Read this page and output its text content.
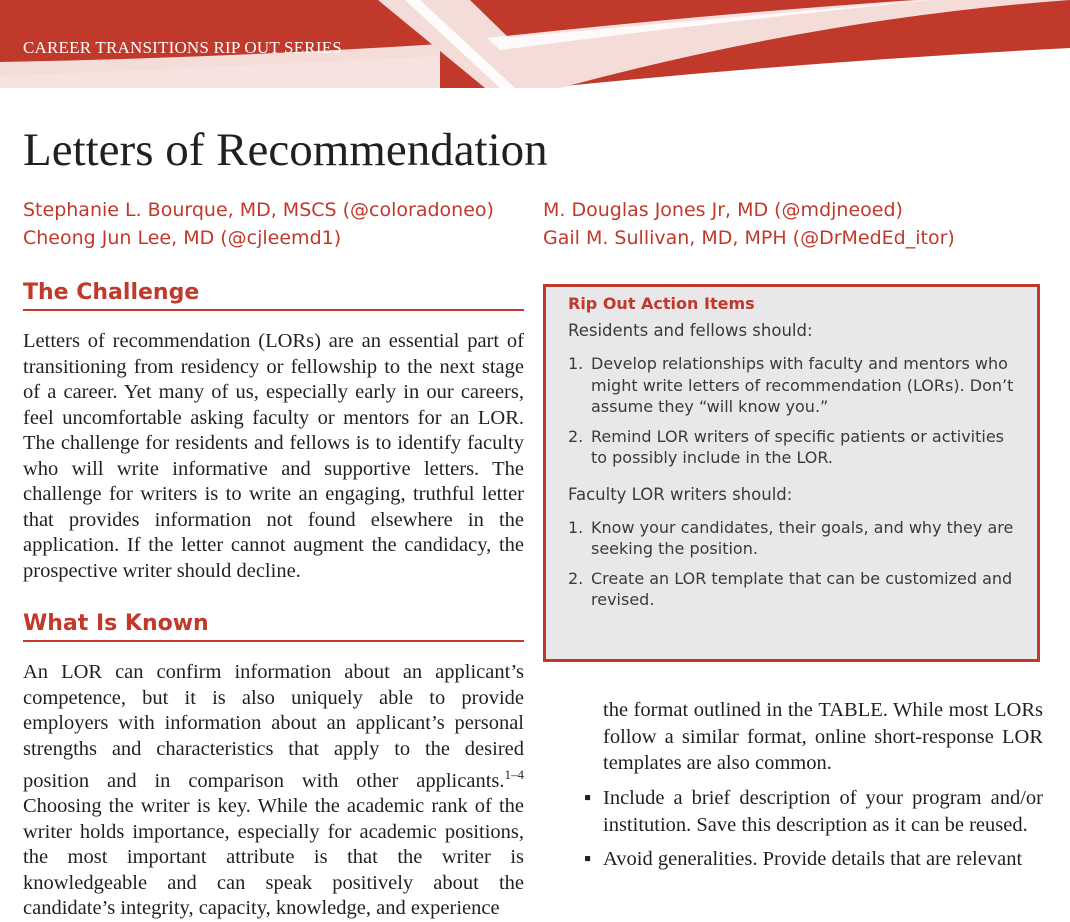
CAREER TRANSITIONS RIP OUT SERIES
Letters of Recommendation
Stephanie L. Bourque, MD, MSCS (@coloradoneo)
Cheong Jun Lee, MD (@cjleemd1)
M. Douglas Jones Jr, MD (@mdjneoed)
Gail M. Sullivan, MD, MPH (@DrMedEd_itor)
The Challenge

Letters of recommendation (LORs) are an essential part of transitioning from residency or fellowship to the next stage of a career. Yet many of us, especially early in our careers, feel uncomfortable asking faculty or mentors for an LOR. The challenge for residents and fellows is to identify faculty who will write informative and supportive letters. The challenge for writers is to write an engaging, truthful letter that provides information not found elsewhere in the application. If the letter cannot augment the candidacy, the prospective writer should decline.

What Is Known

An LOR can confirm information about an applicant’s competence, but it is also uniquely able to provide employers with information about an applicant’s personal strengths and characteristics that apply to the desired position and in comparison with other applicants.$^{1-4}$ Choosing the writer is key. While the academic rank of the writer holds importance, especially for academic positions, the most important attribute is that the writer is knowledgeable and can speak positively about the candidate’s integrity, capacity, knowledge, and experience

Rip Out Action Items
Residents and fellows should:
1. Develop relationships with faculty and mentors who might write letters of recommendation (LORs). Don’t assume they “will know you.”
2. Remind LOR writers of specific patients or activities to possibly include in the LOR.
Faculty LOR writers should:
1. Know your candidates, their goals, and why they are seeking the position.
2. Create an LOR template that can be customized and revised.

the format outlined in the TABLE. While most LORs follow a similar format, online short-response LOR templates are also common.

▪ Include a brief description of your program and/or institution. Save this description as it can be reused.
▪ Avoid generalities. Provide details that are relevant
